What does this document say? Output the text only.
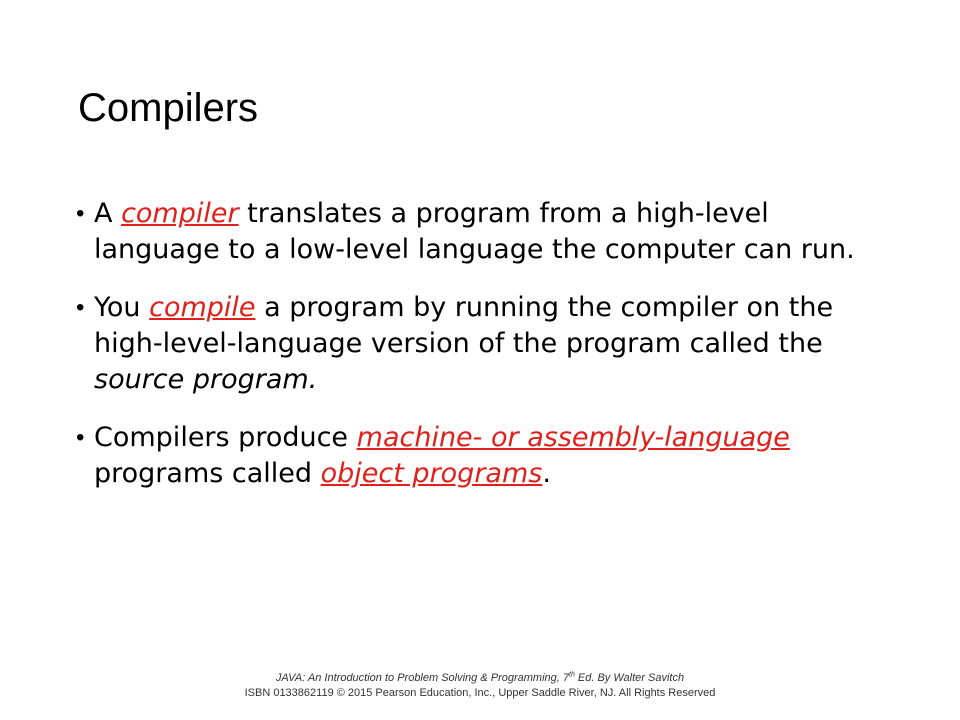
Compilers
• A compiler translates a program from a high-level language to a low-level language the computer can run.
• You compile a program by running the compiler on the high-level-language version of the program called the source program.
• Compilers produce machine- or assembly-language programs called object programs.
JAVA: An Introduction to Problem Solving & Programming, 7th Ed. By Walter Savitch
ISBN 0133862119 © 2015 Pearson Education, Inc., Upper Saddle River, NJ. All Rights Reserved
